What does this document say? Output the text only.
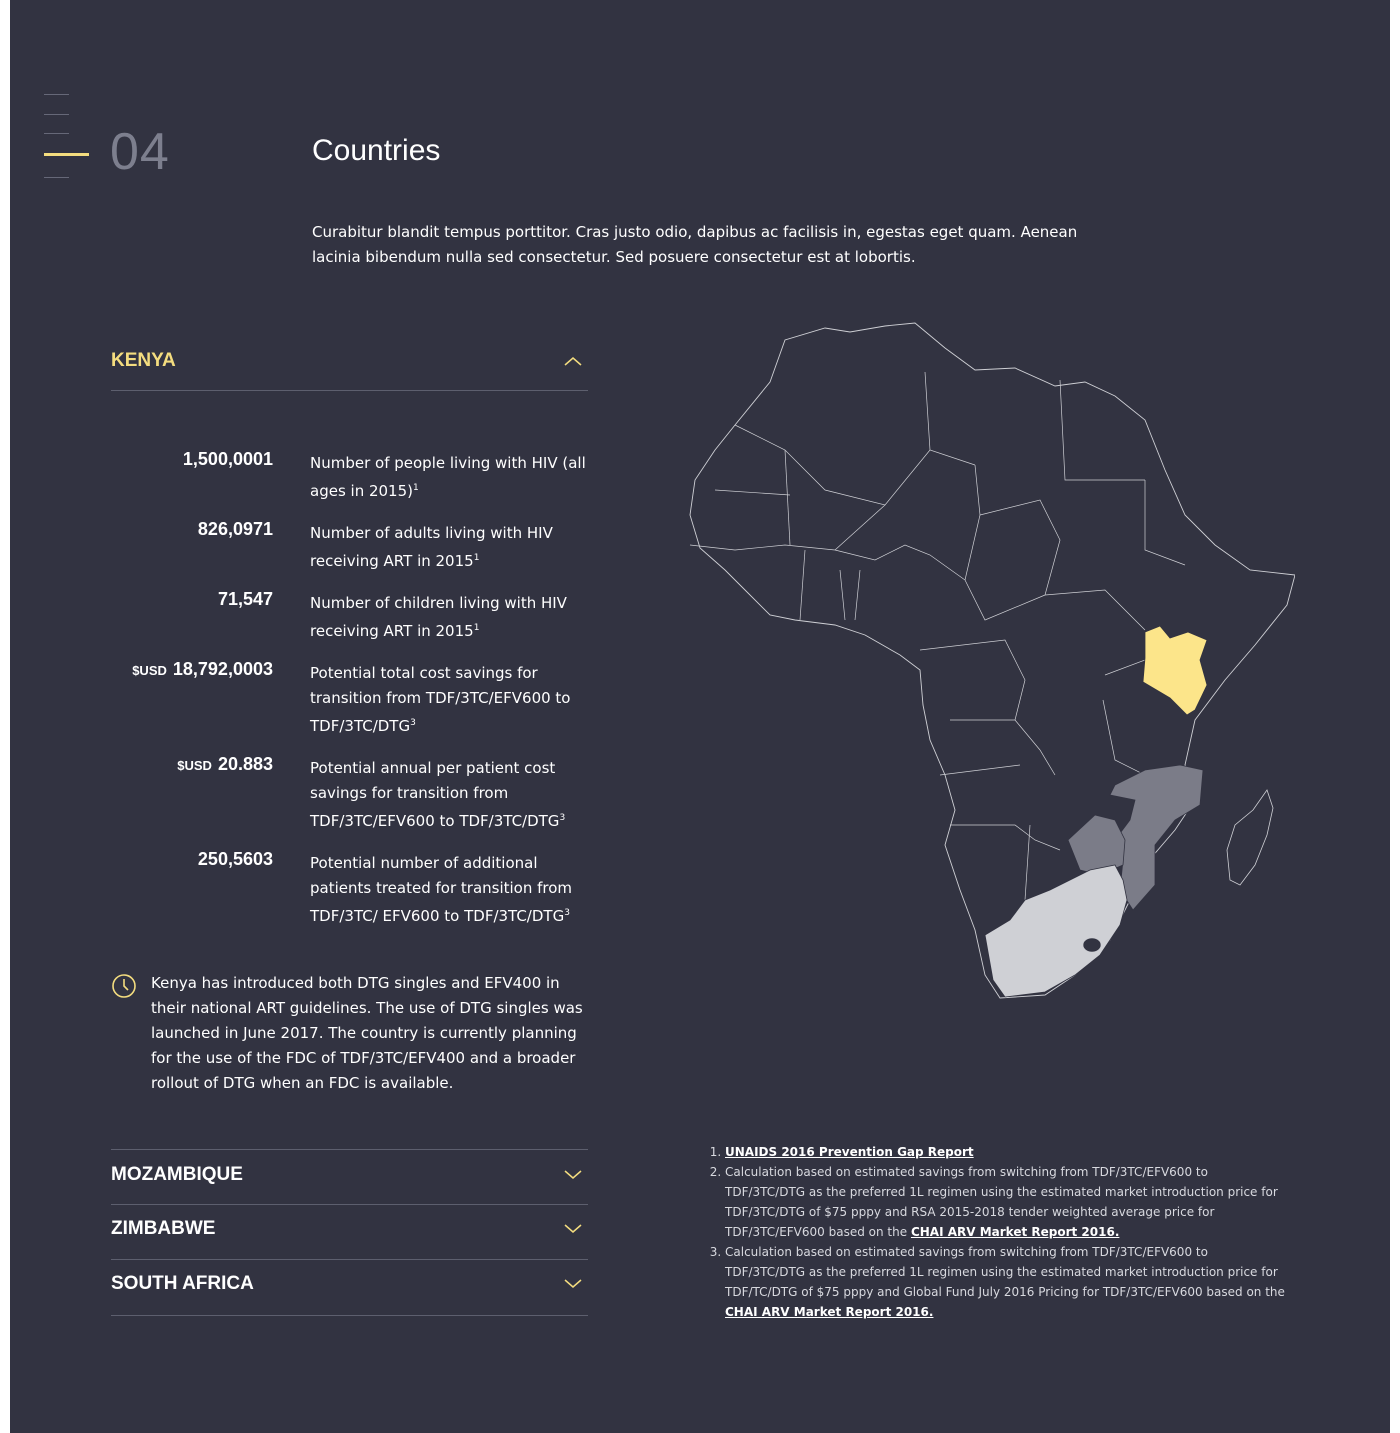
04	Countries
Curabitur blandit tempus porttitor. Cras justo odio, dapibus ac facilisis in, egestas eget quam. Aenean lacinia bibendum nulla sed consectetur. Sed posuere consectetur est at lobortis.
KENYA
1,500,0001 Number of people living with HIV (all ages in 2015)$^1$
826,0971 Number of adults living with HIV receiving ART in 2015$^1$
71,547 Number of children living with HIV receiving ART in 2015$^1$
$USD 18,792,0003 Potential total cost savings for transition from TDF/3TC/EFV600 to TDF/3TC/DTG$^3$
$USD 20.883 Potential annual per patient cost savings for transition from TDF/3TC/EFV600 to TDF/3TC/DTG$^3$
250,5603 Potential number of additional patients treated for transition from TDF/3TC/ EFV600 to TDF/3TC/DTG$^3$
Kenya has introduced both DTG singles and EFV400 in their national ART guidelines. The use of DTG singles was launched in June 2017. The country is currently planning for the use of the FDC of TDF/3TC/EFV400 and a broader rollout of DTG when an FDC is available.
MOZAMBIQUE
ZIMBABWE
SOUTH AFRICA
1. UNAIDS 2016 Prevention Gap Report
2. Calculation based on estimated savings from switching from TDF/3TC/EFV600 to TDF/3TC/DTG as the preferred 1L regimen using the estimated market introduction price for TDF/3TC/DTG of $75 pppy and RSA 2015-2018 tender weighted average price for TDF/3TC/EFV600 based on the CHAI ARV Market Report 2016.
3. Calculation based on estimated savings from switching from TDF/3TC/EFV600 to TDF/3TC/DTG as the preferred 1L regimen using the estimated market introduction price for TDF/TC/DTG of $75 pppy and Global Fund July 2016 Pricing for TDF/3TC/EFV600 based on the CHAI ARV Market Report 2016.
